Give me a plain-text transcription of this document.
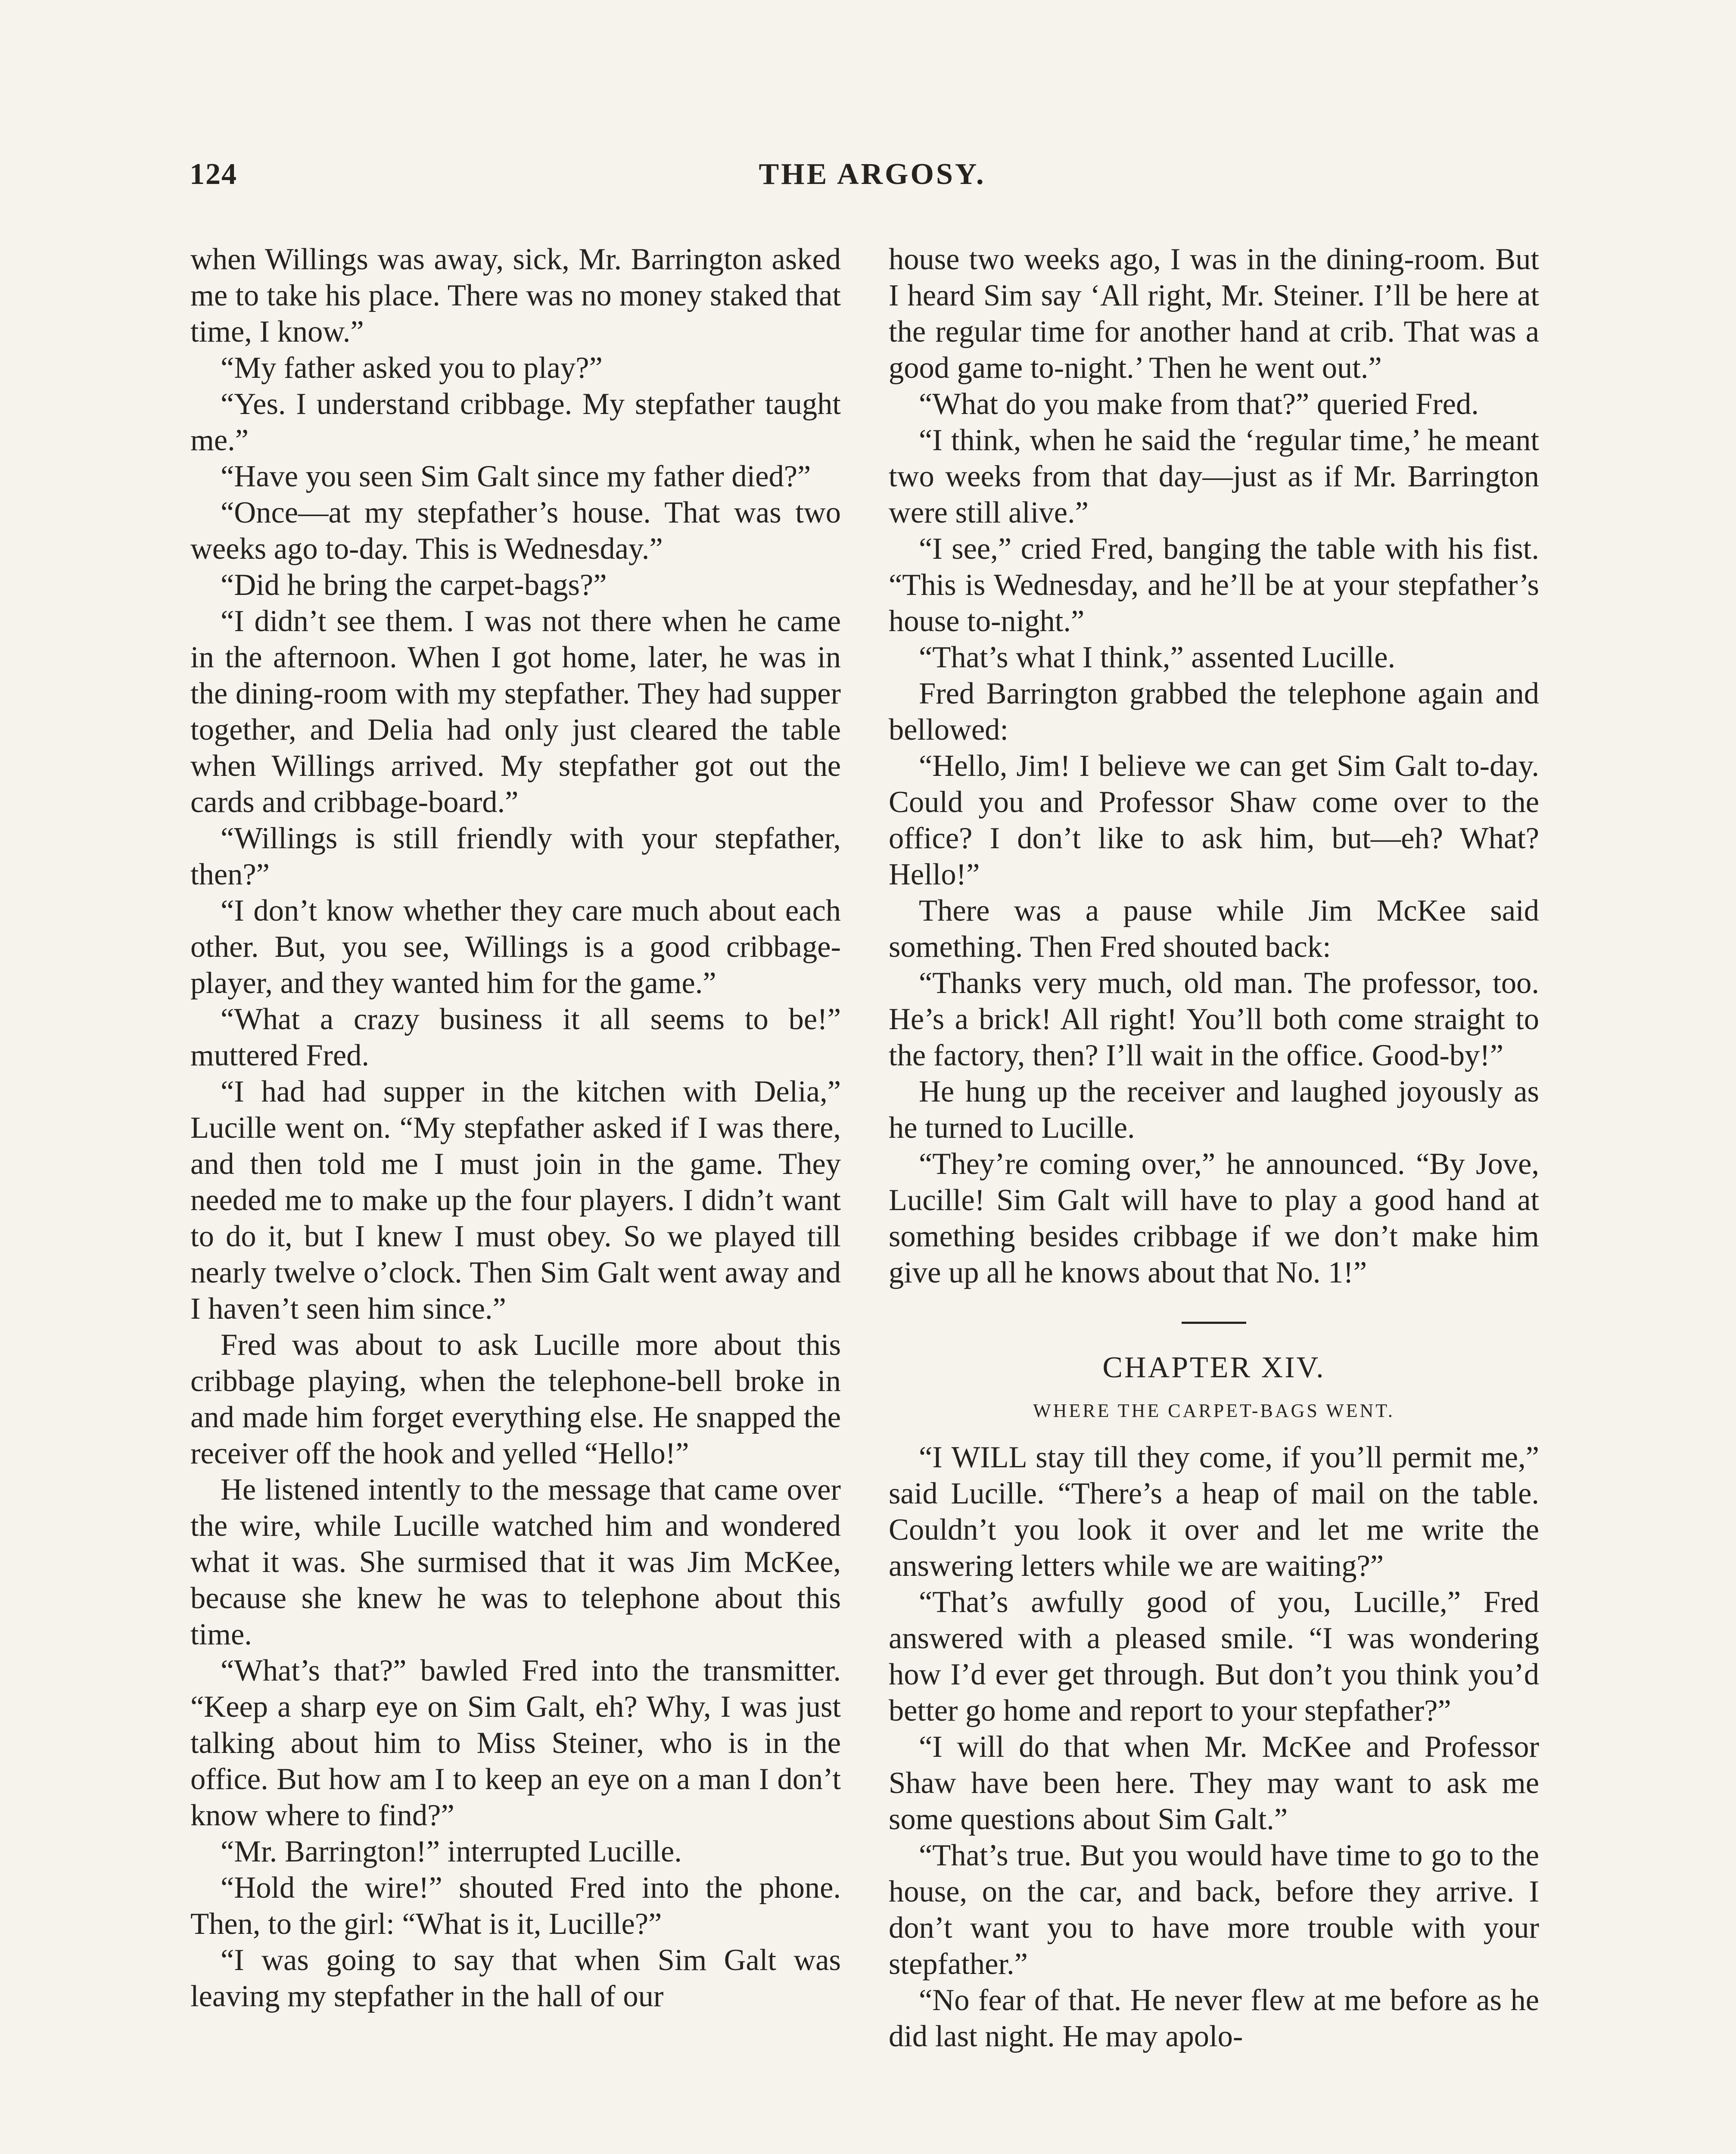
124	THE ARGOSY.

when Willings was away, sick, Mr. Barrington asked me to take his place. There was no money staked that time, I know.”

“My father asked you to play?”

“Yes. I understand cribbage. My stepfather taught me.”

“Have you seen Sim Galt since my father died?”

“Once—at my stepfather’s house. That was two weeks ago to-day. This is Wednesday.”

“Did he bring the carpet-bags?”

“I didn’t see them. I was not there when he came in the afternoon. When I got home, later, he was in the dining-room with my stepfather. They had supper together, and Delia had only just cleared the table when Willings arrived. My stepfather got out the cards and cribbage-board.”

“Willings is still friendly with your stepfather, then?”

“I don’t know whether they care much about each other. But, you see, Willings is a good cribbage-player, and they wanted him for the game.”

“What a crazy business it all seems to be!” muttered Fred.

“I had had supper in the kitchen with Delia,” Lucille went on. “My stepfather asked if I was there, and then told me I must join in the game. They needed me to make up the four players. I didn’t want to do it, but I knew I must obey. So we played till nearly twelve o’clock. Then Sim Galt went away and I haven’t seen him since.”

Fred was about to ask Lucille more about this cribbage playing, when the telephone-bell broke in and made him forget everything else. He snapped the receiver off the hook and yelled “Hello!”

He listened intently to the message that came over the wire, while Lucille watched him and wondered what it was. She surmised that it was Jim McKee, because she knew he was to telephone about this time.

“What’s that?” bawled Fred into the transmitter. “Keep a sharp eye on Sim Galt, eh? Why, I was just talking about him to Miss Steiner, who is in the office. But how am I to keep an eye on a man I don’t know where to find?”

“Mr. Barrington!” interrupted Lucille.

“Hold the wire!” shouted Fred into the phone. Then, to the girl: “What is it, Lucille?”

“I was going to say that when Sim Galt was leaving my stepfather in the hall of our

house two weeks ago, I was in the dining-room. But I heard Sim say ‘All right, Mr. Steiner. I’ll be here at the regular time for another hand at crib. That was a good game to-night.’ Then he went out.”

“What do you make from that?” queried Fred.

“I think, when he said the ‘regular time,’ he meant two weeks from that day—just as if Mr. Barrington were still alive.”

“I see,” cried Fred, banging the table with his fist. “This is Wednesday, and he’ll be at your stepfather’s house to-night.”

“That’s what I think,” assented Lucille.

Fred Barrington grabbed the telephone again and bellowed:

“Hello, Jim! I believe we can get Sim Galt to-day. Could you and Professor Shaw come over to the office? I don’t like to ask him, but—eh? What? Hello!”

There was a pause while Jim McKee said something. Then Fred shouted back:

“Thanks very much, old man. The professor, too. He’s a brick! All right! You’ll both come straight to the factory, then? I’ll wait in the office. Good-by!”

He hung up the receiver and laughed joyously as he turned to Lucille.

“They’re coming over,” he announced. “By Jove, Lucille! Sim Galt will have to play a good hand at something besides cribbage if we don’t make him give up all he knows about that No. 1!”

CHAPTER XIV.
WHERE THE CARPET-BAGS WENT.

“I WILL stay till they come, if you’ll permit me,” said Lucille. “There’s a heap of mail on the table. Couldn’t you look it over and let me write the answering letters while we are waiting?”

“That’s awfully good of you, Lucille,” Fred answered with a pleased smile. “I was wondering how I’d ever get through. But don’t you think you’d better go home and report to your stepfather?”

“I will do that when Mr. McKee and Professor Shaw have been here. They may want to ask me some questions about Sim Galt.”

“That’s true. But you would have time to go to the house, on the car, and back, before they arrive. I don’t want you to have more trouble with your stepfather.”

“No fear of that. He never flew at me before as he did last night. He may apolo-
